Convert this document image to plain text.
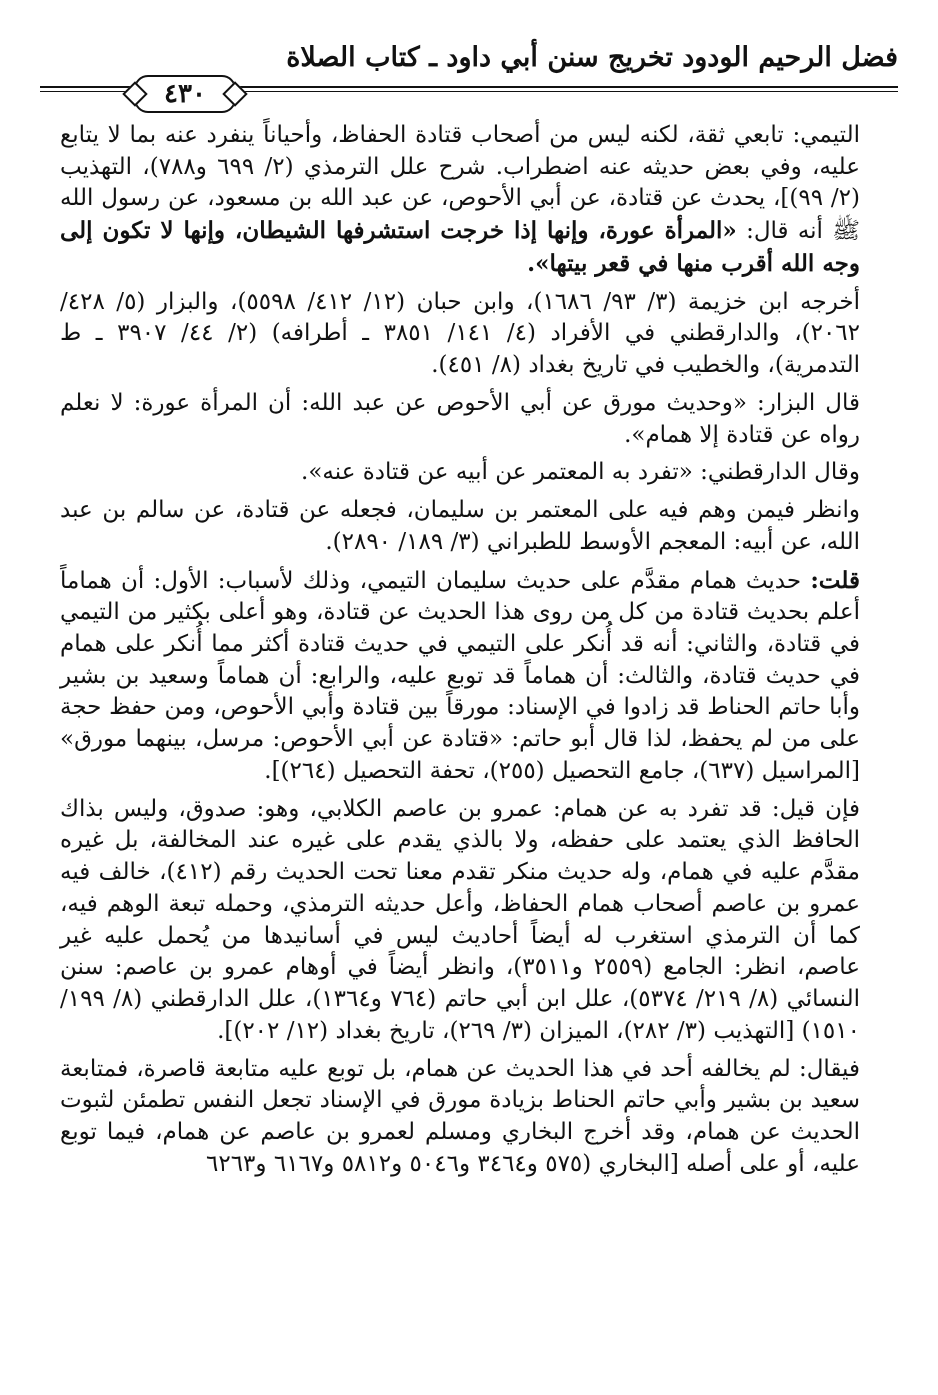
فضل الرحيم الودود تخريج سنن أبي داود ـ كتاب الصلاة
٤٣٠

التيمي: تابعي ثقة، لكنه ليس من أصحاب قتادة الحفاظ، وأحياناً ينفرد عنه بما لا يتابع عليه، وفي بعض حديثه عنه اضطراب. شرح علل الترمذي (٢/ ٦٩٩ و٧٨٨)، التهذيب (٢/ ٩٩)]، يحدث عن قتادة، عن أبي الأحوص، عن عبد الله بن مسعود، عن رسول الله ﷺ أنه قال: «المرأة عورة، وإنها إذا خرجت استشرفها الشيطان، وإنها لا تكون إلى وجه الله أقرب منها في قعر بيتها».

أخرجه ابن خزيمة (٣/ ٩٣/ ١٦٨٦)، وابن حبان (١٢/ ٤١٢/ ٥٥٩٨)، والبزار (٥/ ٤٢٨/ ٢٠٦٢)، والدارقطني في الأفراد (٤/ ١٤١/ ٣٨٥١ ـ أطرافه) (٢/ ٤٤/ ٣٩٠٧ ـ ط التدمرية)، والخطيب في تاريخ بغداد (٨/ ٤٥١).

قال البزار: «وحديث مورق عن أبي الأحوص عن عبد الله: أن المرأة عورة: لا نعلم رواه عن قتادة إلا همام».

وقال الدارقطني: «تفرد به المعتمر عن أبيه عن قتادة عنه».

وانظر فيمن وهم فيه على المعتمر بن سليمان، فجعله عن قتادة، عن سالم بن عبد الله، عن أبيه: المعجم الأوسط للطبراني (٣/ ١٨٩/ ٢٨٩٠).

قلت: حديث همام مقدَّم على حديث سليمان التيمي، وذلك لأسباب: الأول: أن هماماً أعلم بحديث قتادة من كل من روى هذا الحديث عن قتادة، وهو أعلى بكثير من التيمي في قتادة، والثاني: أنه قد أُنكر على التيمي في حديث قتادة أكثر مما أُنكر على همام في حديث قتادة، والثالث: أن هماماً قد توبع عليه، والرابع: أن هماماً وسعيد بن بشير وأبا حاتم الحناط قد زادوا في الإسناد: مورقاً بين قتادة وأبي الأحوص، ومن حفظ حجة على من لم يحفظ، لذا قال أبو حاتم: «قتادة عن أبي الأحوص: مرسل، بينهما مورق» [المراسيل (٦٣٧)، جامع التحصيل (٢٥٥)، تحفة التحصيل (٢٦٤)].

فإن قيل: قد تفرد به عن همام: عمرو بن عاصم الكلابي، وهو: صدوق، وليس بذاك الحافظ الذي يعتمد على حفظه، ولا بالذي يقدم على غيره عند المخالفة، بل غيره مقدَّم عليه في همام، وله حديث منكر تقدم معنا تحت الحديث رقم (٤١٢)، خالف فيه عمرو بن عاصم أصحاب همام الحفاظ، وأعل حديثه الترمذي، وحمله تبعة الوهم فيه، كما أن الترمذي استغرب له أيضاً أحاديث ليس في أسانيدها من يُحمل عليه غير عاصم، انظر: الجامع (٢٥٥٩ و٣٥١١)، وانظر أيضاً في أوهام عمرو بن عاصم: سنن النسائي (٨/ ٢١٩/ ٥٣٧٤)، علل ابن أبي حاتم (٧٦٤ و١٣٦٤)، علل الدارقطني (٨/ ١٩٩/ ١٥١٠) [التهذيب (٣/ ٢٨٢)، الميزان (٣/ ٢٦٩)، تاريخ بغداد (١٢/ ٢٠٢)].

فيقال: لم يخالفه أحد في هذا الحديث عن همام، بل توبع عليه متابعة قاصرة، فمتابعة سعيد بن بشير وأبي حاتم الحناط بزيادة مورق في الإسناد تجعل النفس تطمئن لثبوت الحديث عن همام، وقد أخرج البخاري ومسلم لعمرو بن عاصم عن همام، فيما توبع عليه، أو على أصله [البخاري (٥٧٥ و٣٤٦٤ و٥٠٤٦ و٥٨١٢ و٦١٦٧ و٦٢٦٣
